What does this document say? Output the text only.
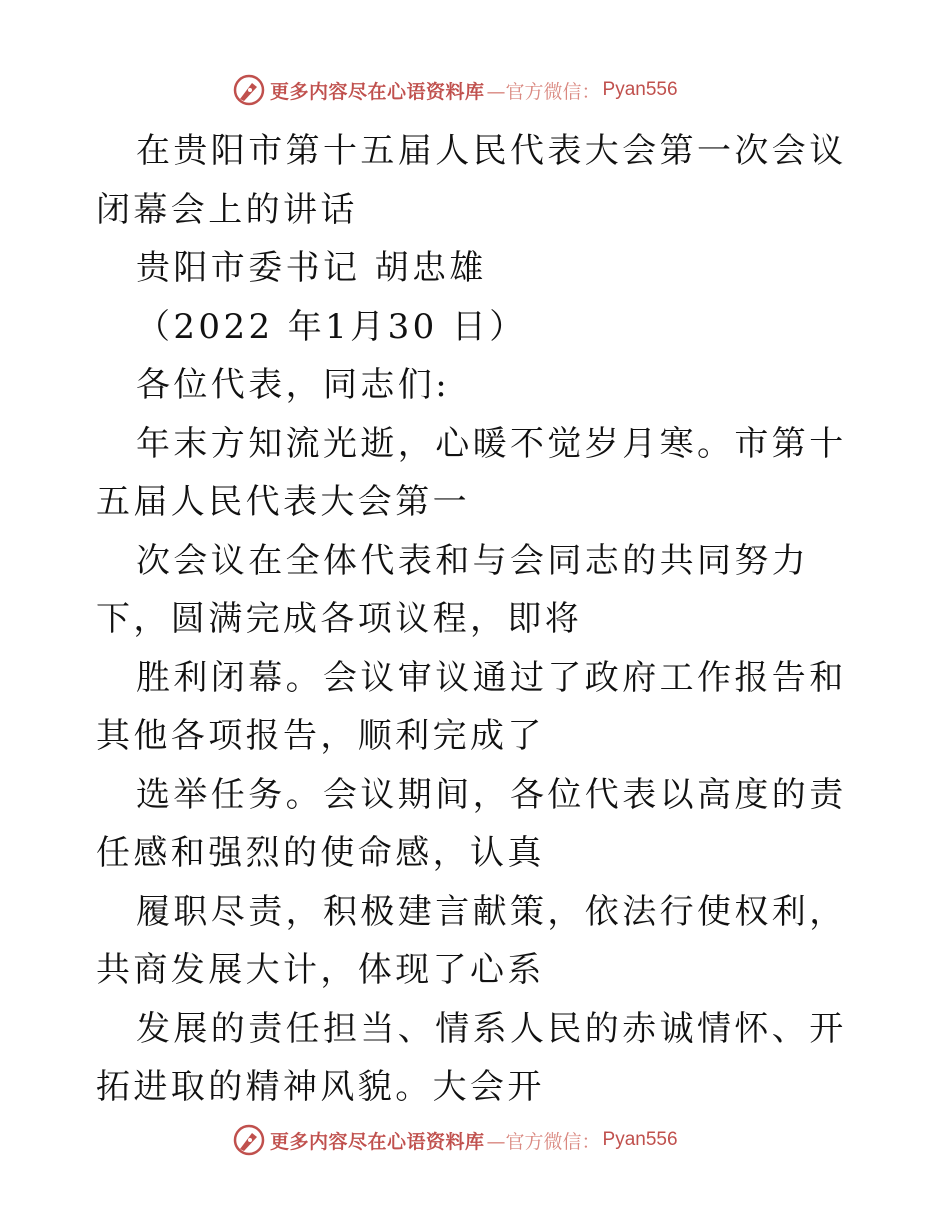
更多内容尽在心语资料库 —官方微信： Pyan556

在贵阳市第十五届人民代表大会第一次会议闭幕会上的讲话

贵阳市委书记 胡忠雄

（2022 年1月30 日）

各位代表，同志们:

年末方知流光逝，心暖不觉岁月寒。市第十五届人民代表大会第一

次会议在全体代表和与会同志的共同努力下，圆满完成各项议程，即将

胜利闭幕。会议审议通过了政府工作报告和其他各项报告，顺利完成了

选举任务。会议期间，各位代表以高度的责任感和强烈的使命感，认真

履职尽责，积极建言献策，依法行使权利，共商发展大计，体现了心系

发展的责任担当、情系人民的赤诚情怀、开拓进取的精神风貌。大会开

更多内容尽在心语资料库 —官方微信： Pyan556
